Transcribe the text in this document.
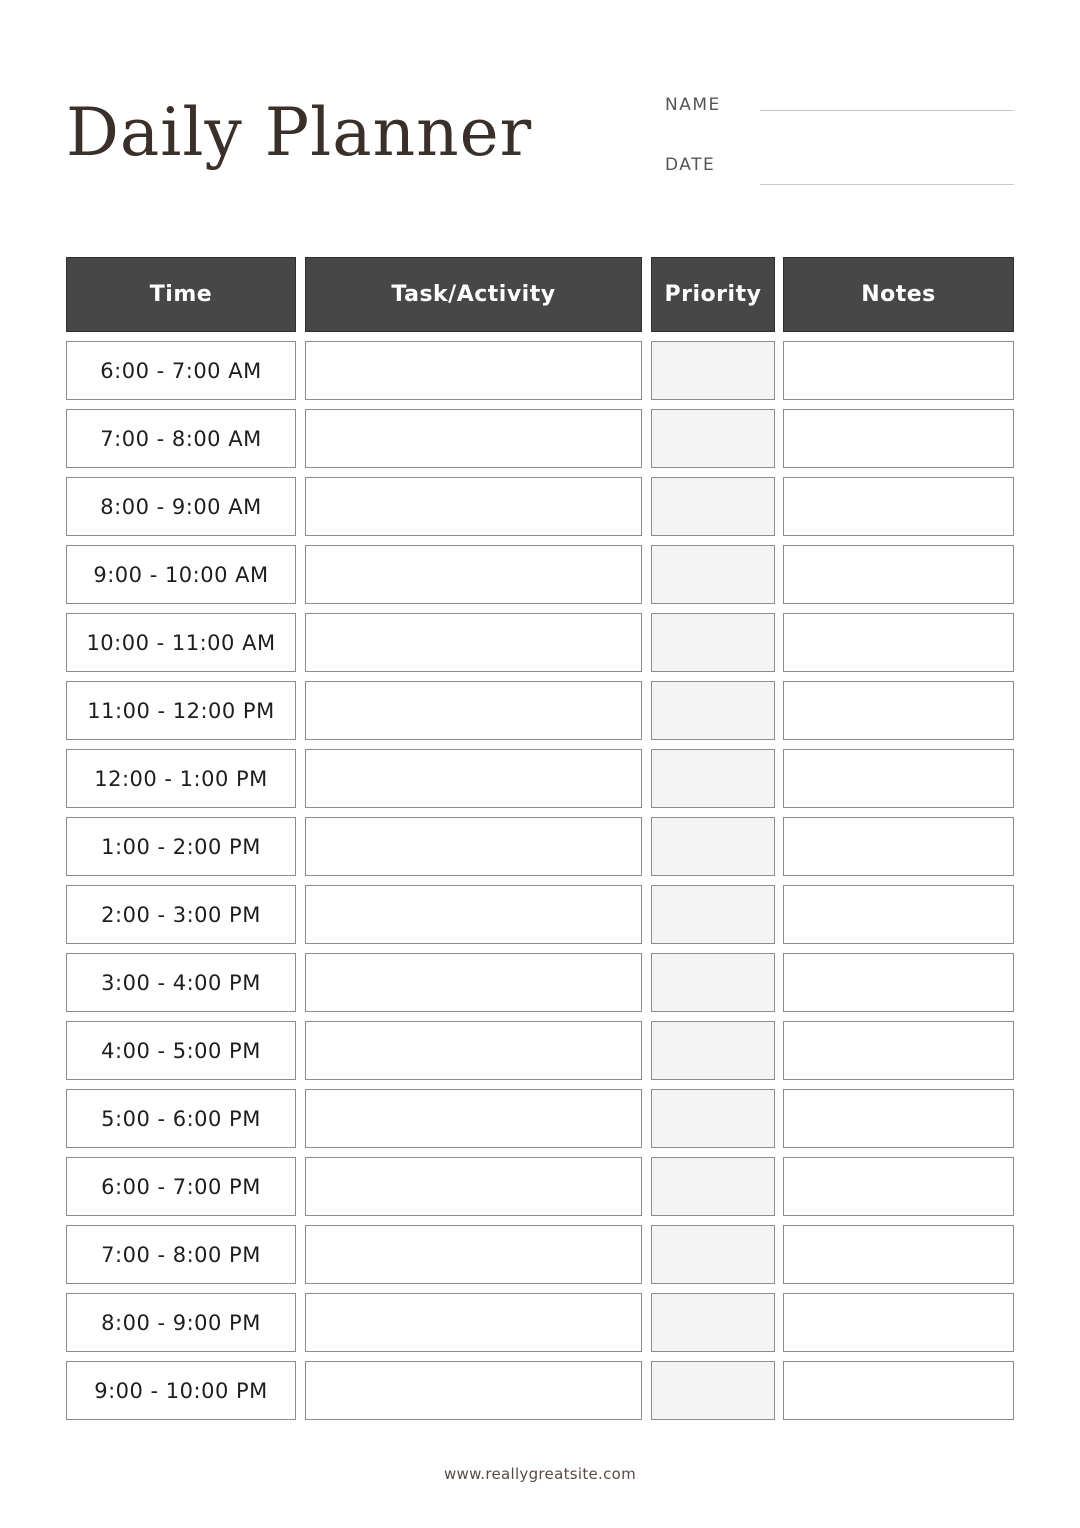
Daily Planner	NAME
DATE
Time	Task/Activity	Priority	Notes
6:00 - 7:00 AM
7:00 - 8:00 AM
8:00 - 9:00 AM
9:00 - 10:00 AM
10:00 - 11:00 AM
11:00 - 12:00 PM
12:00 - 1:00 PM
1:00 - 2:00 PM
2:00 - 3:00 PM
3:00 - 4:00 PM
4:00 - 5:00 PM
5:00 - 6:00 PM
6:00 - 7:00 PM
7:00 - 8:00 PM
8:00 - 9:00 PM
9:00 - 10:00 PM
www.reallygreatsite.com
